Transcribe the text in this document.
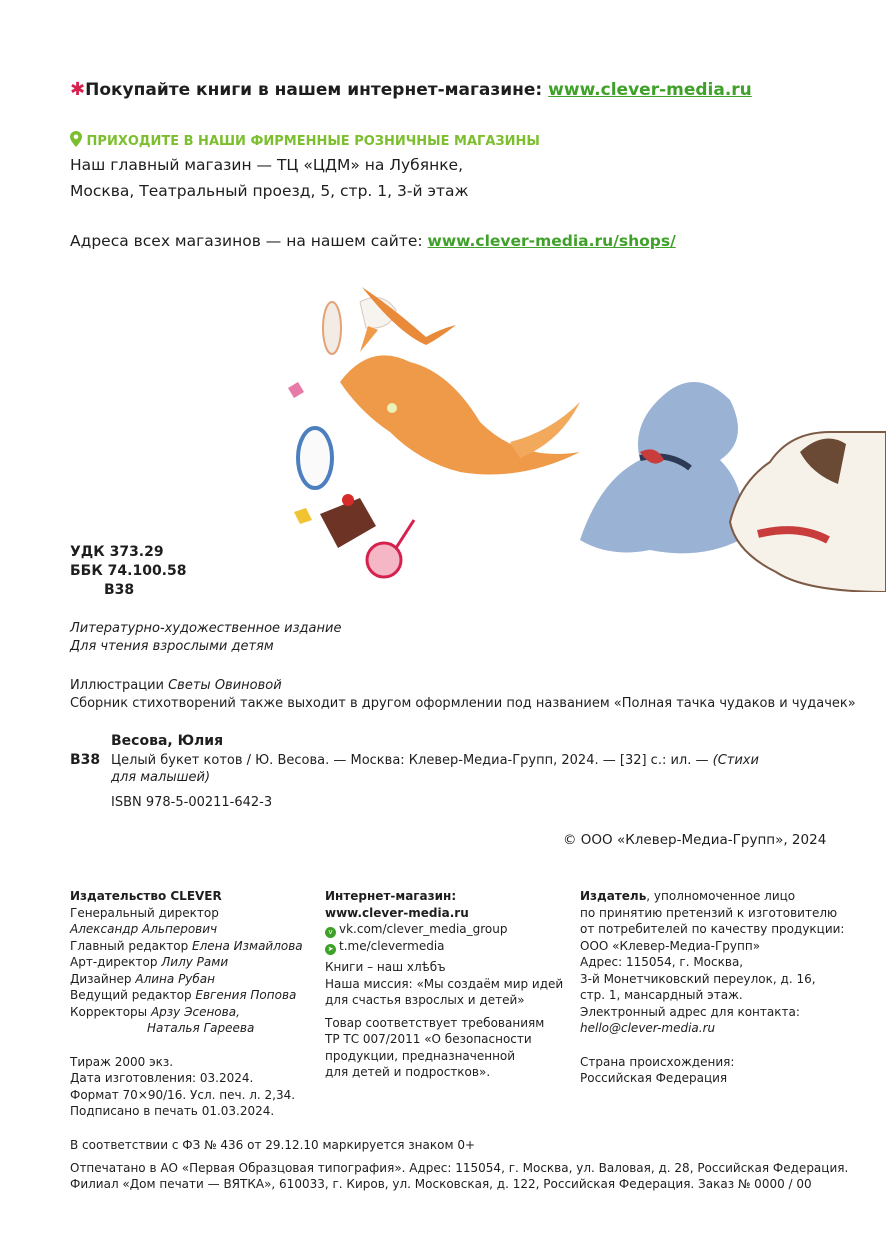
✱Покупайте книги в нашем интернет-магазине: www.clever-media.ru
ПРИХОДИТЕ В НАШИ ФИРМЕННЫЕ РОЗНИЧНЫЕ МАГАЗИНЫ
Наш главный магазин — ТЦ «ЦДМ» на Лубянке,
Москва, Театральный проезд, 5, стр. 1, 3-й этаж
Адреса всех магазинов — на нашем сайте: www.clever-media.ru/shops/
УДК 373.29
ББК 74.100.58
В38
Литературно-художественное издание
Для чтения взрослыми детям
Иллюстрации Светы Овиновой
Сборник стихотворений также выходит в другом оформлении под названием «Полная тачка чудаков и чудачек»
Весова, Юлия
В38 Целый букет котов / Ю. Весова. — Москва: Клевер-Медиа-Групп, 2024. — [32] с.: ил. — (Стихи для малышей)
ISBN 978-5-00211-642-3
© ООО «Клевер-Медиа-Групп», 2024
Издательство CLEVER
Генеральный директор
Александр Альперович
Главный редактор Елена Измайлова
Арт-директор Лилу Рами
Дизайнер Алина Рубан
Ведущий редактор Евгения Попова
Корректоры Арзу Эсенова,
Наталья Гареева
Тираж 2000 экз.
Дата изготовления: 03.2024.
Формат 70×90/16. Усл. печ. л. 2,34.
Подписано в печать 01.03.2024.
Интернет-магазин:
www.clever-media.ru
v vk.com/clever_media_group
➤ t.me/clevermedia
Книги – наш хлѣбъ
Наша миссия: «Мы создаём мир идей
для счастья взрослых и детей»
Товар соответствует требованиям
ТР ТС 007/2011 «О безопасности
продукции, предназначенной
для детей и подростков».
Издатель, уполномоченное лицо
по принятию претензий к изготовителю
от потребителей по качеству продукции:
ООО «Клевер-Медиа-Групп»
Адрес: 115054, г. Москва,
3-й Монетчиковский переулок, д. 16,
стр. 1, мансардный этаж.
Электронный адрес для контакта:
hello@clever-media.ru
Страна происхождения:
Российская Федерация
В соответствии с ФЗ № 436 от 29.12.10 маркируется знаком 0+
Отпечатано в АО «Первая Образцовая типография». Адрес: 115054, г. Москва, ул. Валовая, д. 28, Российская Федерация.
Филиал «Дом печати — ВЯТКА», 610033, г. Киров, ул. Московская, д. 122, Российская Федерация. Заказ № 0000 / 00
